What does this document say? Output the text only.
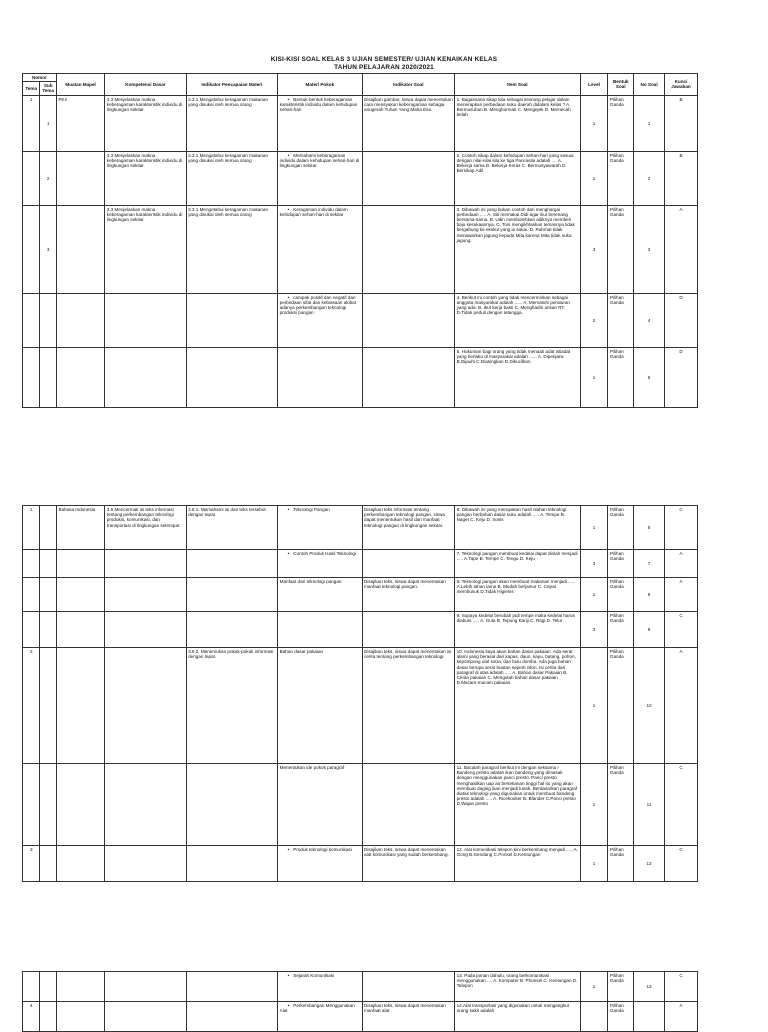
KISI-KISI SOAL KELAS 3 UJIAN SEMESTER/ UJIAN KENAIKAN KELAS
TAHUN PELAJARAN 2020/2021
Nomor		Muatan Mapel	Kompetensi Dasar	Indikator Pencapaian Materi	Materi Pokok	Indikator Soal	Item Soal	Level	Bentuk Soal	No Soal	Kunci Jawaban
Tema	Sub Tema										
1	1	PKn	3.3 Menjelaskan makna keberagaman karakteristik individu di lingkungan sekitar	3.3.1 Mengetahui keragaman makanan yang disukai oleh semua orang	• Bentuk-bentuk keberagaman karakteristik individu dalam kehidupan sehari-hari	Disajikan gambar, siswa dapat menentukan cara mensyukuri keberagaman sebagai anugerah Tuhan Yang Maha Esa.	1. Bagaimana sikap kita sebagai seorang pelajar dalam menerapkan perbedaan suku daerah didalam kelas ? A. Bermusuhan B. Menghormati C. Mengejek D. Memecah belah	1	Pilihan Ganda	1	B
	2		3.3 Menjelaskan makna keberagaman karakteristik individu di lingkungan sekitar	3.3.1 Mengetahui keragaman makanan yang disukai oleh semua orang	• Memahami keberagaman individu dalam kehidupan sehari-hari di lingkungan sekitar		2. Contoh sikap dalam kehidupan sehari-hari yang sesuai dengan nilai-nilai sila ke tiga Pancasila adalah .... A. Bekerja sama B. Bekerja Keras C. Bermusyawarah D. Bersikap Adil.	1	Pilihan Ganda	2	B
	3		3.3 Menjelaskan makna keberagaman karakteristik individu di lingkungan sekitar	3.3.1 Mengetahui keragaman makanan yang disukai oleh semua orang	• Keragaman individu dalam kehidupan sehari-hari di sekitar		3. Dibawah ini yang bukan contoh dari menghargai perbedaan ..... A. Siti memakai Didi agar ikut berenang bersama-sama. B. Udin membolehkan adiknya membeli baju kesukaannya. C. Toni mengikhlaskan temannya tidak bergabung ke ekskul yang ia sukai. D. Rahmat tidak menawarkan jagung kepada Mita karena Mita tidak suka jagung.	3	Pilihan Ganda	3	A
					• campak positif dan negatif dari perbedaan sifat dan kebiasaan akibat adanya perkembangan teknologi produksi pangan		4. Berikut ini contoh yang tidak mencerminkan sebagai anggota masyarakat adalah ...... A. Mematuhi peraturan yang ada. B. Ikut kerja bakti C. Menghadiri arisan RT. D.Tidak peduli dengan tetangga.	2	Pilihan Ganda	4	D
							5. Hukuman bagi orang yang tidak menaati adat istiadat yang berlaku di masyarakat adalah ...... A. Dipenjara. B.Dijauhi C.Diasingkan D.Dikucilkan.	1	Pilihan Ganda	5	D
1		Bahasa Indonesia	3.6 Mencermati isi teks informasi tentang perkembangan teknologi produksi, komunikasi, dan transportasi di lingkungan setempat	3.6.1. Memahami isi dari teks tersebut dengan tepat.	• Teknologi Pangan	Disajikan teks informasi tentang perkembangan teknologi pangan, siswa dapat menentukan hasil dari manfaat teknologi pangan di lingkungan sekitar.	6. Dibawah ini yang merupakan hasil olahan teknologi pangan berbahan dasar suku adalah ..... A. Tempe B. Naget C. Keju D. Sosis	1	Pilihan Ganda	6	C
					• Contoh Produk Hasil Teknologi		7. Teknologi pangan membuat kedelai dapat diolah menjadi ..... A.Tape B. Tempe C. Tengu D. Keju	3	Pilihan Ganda	7	A
					Manfaat dari teknologi pangan	Disajikan teks, siswa dapat menentukan manfaat teknologi pangan.	8. Teknologi pangan akan membuat makanan menjadi ..... A.Lebih tahan lama B. Mudah berjamur C. Cepat membusuk D.Tidak Higienis	1	Pilihan Ganda	8	A
							9. Supaya kedelai berubah jadi tempe maka kedelai harus diabuni ..... A. Gula B. Tepung Kanji C. Ragi D. Telur	3	Pilihan Ganda	9	C
2				3.6.2. Menemukan pokok-pokok informasi dengan tepat.	Bahan dasar pakaian	Disajikan teks, siswa dapat menentukan isi cerita tentang perkembangan teknologi.	10. Indonesia kaya akan bahan dasar pakaian. Ada serat alami yang berasal dari kapas, daun, kayu, batang, pohon, kepompong ulat sutra, dan bulu domba. Ada juga bahan dasar berupa serat buatan seperti nilon. Isi cerita dari paragraf di atas adalah ..... A. Bahan dasar Pakaian B. Cerita pakaian C. Mengolah bahan dasar pakaian D.Macam-macam pakaian.	1	Pilihan Ganda	10	A
					Menentukan ide pokok paragraf		11. Bacalah paragraf berikut ini dengan seksama ! Bandeng presto adalah ikan bandeng yang dimasak dengan menggunakan panci presto. Panci presto menghasilkan uap air bertekanan tinggi hal itu yang akan membuat daging ikan menjadi lunak. Berdasarkan paragraf diatas teknologi yang digunakan untuk membuat bandeng presto adalah ..... A. Ricekooker B. Blander C.Panci presto D.Wajan presto	1	Pilihan Ganda	11	C
3					• Produk teknologi komunikasi	Disajikan teks, siswa dapat menentukan alat komunikasi yang sudah berkembang.	12. Alat komunikasi telepon kini berkembang menjadi ..... A. Gong B.Gendang C.Ponsel D.Kentungan	1	Pilihan Ganda	12	C
					• Sejarah Komunikasi		13. Pada jaman dahulu, orang berkomunikasi menggunakan .... A. Komputer B. Phonsel C. Kentungan D. Telepon	1	Pilihan Ganda	13	C
4					• Perkembangan Menggunakan Alat	Disajikan teks, siswa dapat menentukan manfaat alat	14.Alat transportasi yang digunakan untuk mengangkut orang sakit adalah		Pilihan Ganda		A
